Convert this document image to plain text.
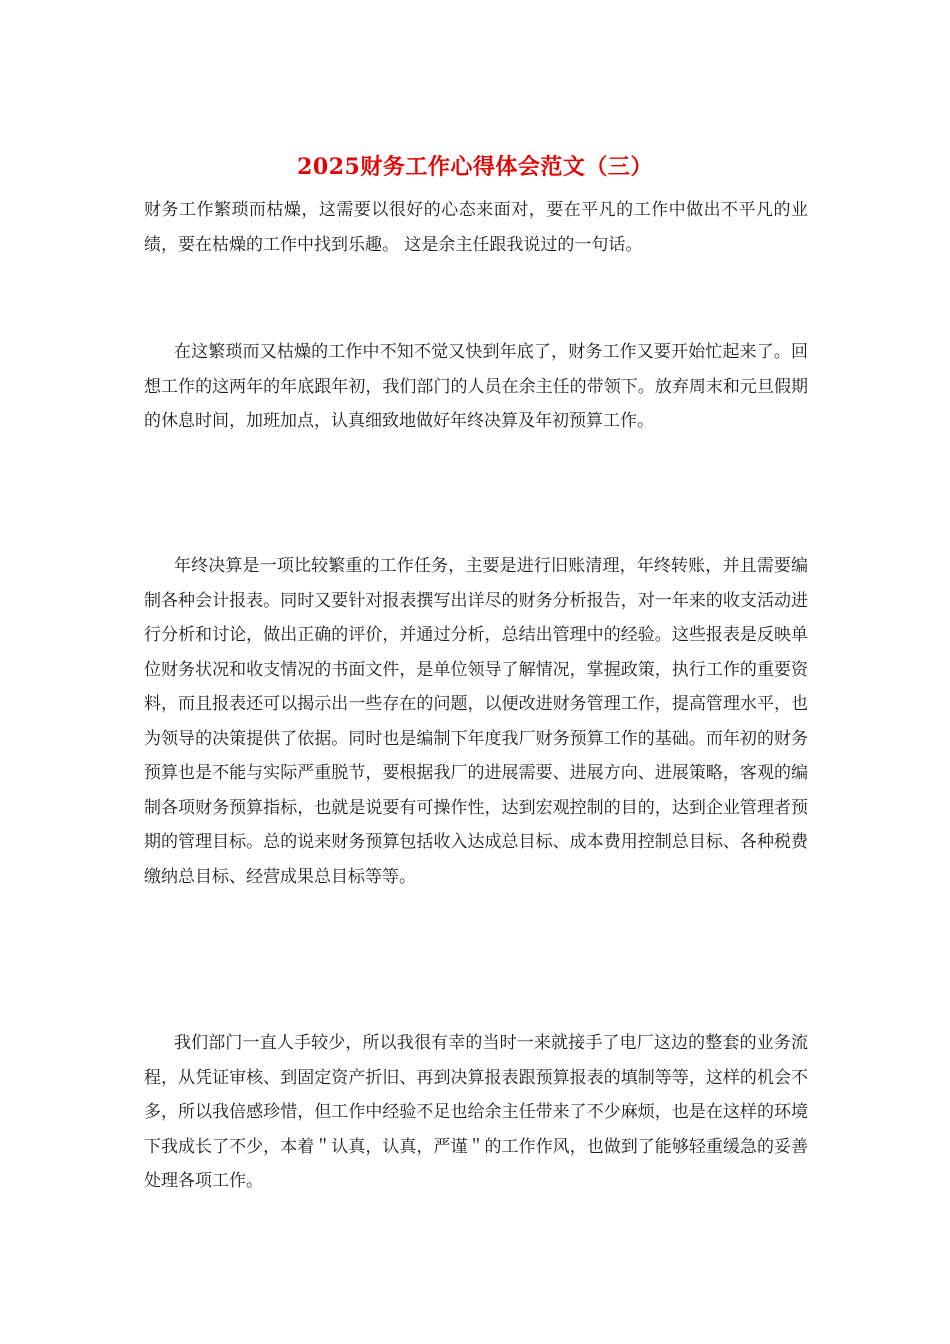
2025财务工作心得体会范文（三）

财务工作繁琐而枯燥，这需要以很好的心态来面对，要在平凡的工作中做出不平凡的业绩，要在枯燥的工作中找到乐趣。 这是余主任跟我说过的一句话。

在这繁琐而又枯燥的工作中不知不觉又快到年底了，财务工作又要开始忙起来了。回想工作的这两年的年底跟年初，我们部门的人员在余主任的带领下。放弃周末和元旦假期的休息时间，加班加点，认真细致地做好年终决算及年初预算工作。

年终决算是一项比较繁重的工作任务，主要是进行旧账清理，年终转账，并且需要编制各种会计报表。同时又要针对报表撰写出详尽的财务分析报告，对一年来的收支活动进行分析和讨论，做出正确的评价，并通过分析，总结出管理中的经验。这些报表是反映单位财务状况和收支情况的书面文件，是单位领导了解情况，掌握政策，执行工作的重要资料，而且报表还可以揭示出一些存在的问题，以便改进财务管理工作，提高管理水平，也为领导的决策提供了依据。同时也是编制下年度我厂财务预算工作的基础。而年初的财务预算也是不能与实际严重脱节，要根据我厂的进展需要、进展方向、进展策略，客观的编制各项财务预算指标，也就是说要有可操作性，达到宏观控制的目的，达到企业管理者预期的管理目标。总的说来财务预算包括收入达成总目标、成本费用控制总目标、各种税费缴纳总目标、经营成果总目标等等。

我们部门一直人手较少，所以我很有幸的当时一来就接手了电厂这边的整套的业务流程，从凭证审核、到固定资产折旧、再到决算报表跟预算报表的填制等等，这样的机会不多，所以我倍感珍惜，但工作中经验不足也给余主任带来了不少麻烦，也是在这样的环境下我成长了不少，本着＂认真，认真，严谨＂的工作作风，也做到了能够轻重缓急的妥善处理各项工作。
